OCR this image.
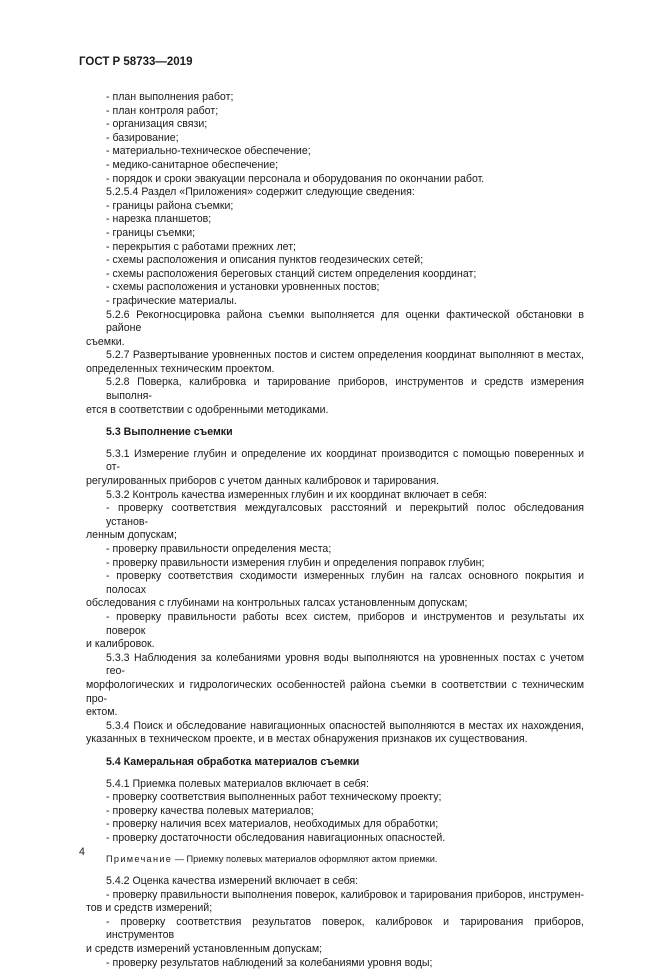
ГОСТ Р 58733—2019
- план выполнения работ;
- план контроля работ;
- организация связи;
- базирование;
- материально-техническое обеспечение;
- медико-санитарное обеспечение;
- порядок и сроки эвакуации персонала и оборудования по окончании работ.
5.2.5.4 Раздел «Приложения» содержит следующие сведения:
- границы района съемки;
- нарезка планшетов;
- границы съемки;
- перекрытия с работами прежних лет;
- схемы расположения и описания пунктов геодезических сетей;
- схемы расположения береговых станций систем определения координат;
- схемы расположения и установки уровненных постов;
- графические материалы.
5.2.6 Рекогносцировка района съемки выполняется для оценки фактической обстановки в районе
съемки.
5.2.7 Развертывание уровненных постов и систем определения координат выполняют в местах,
определенных техническим проектом.
5.2.8 Поверка, калибровка и тарирование приборов, инструментов и средств измерения выполня-
ется в соответствии с одобренными методиками.
5.3 Выполнение съемки
5.3.1 Измерение глубин и определение их координат производится с помощью поверенных и от-
регулированных приборов с учетом данных калибровок и тарирования.
5.3.2 Контроль качества измеренных глубин и их координат включает в себя:
- проверку соответствия междугалсовых расстояний и перекрытий полос обследования установ-
ленным допускам;
- проверку правильности определения места;
- проверку правильности измерения глубин и определения поправок глубин;
- проверку соответствия сходимости измеренных глубин на галсах основного покрытия и полосах
обследования с глубинами на контрольных галсах установленным допускам;
- проверку правильности работы всех систем, приборов и инструментов и результаты их поверок
и калибровок.
5.3.3 Наблюдения за колебаниями уровня воды выполняются на уровненных постах с учетом гео-
морфологических и гидрологических особенностей района съемки в соответствии с техническим про-
ектом.
5.3.4 Поиск и обследование навигационных опасностей выполняются в местах их нахождения,
указанных в техническом проекте, и в местах обнаружения признаков их существования.
5.4 Камеральная обработка материалов съемки
5.4.1 Приемка полевых материалов включает в себя:
- проверку соответствия выполненных работ техническому проекту;
- проверку качества полевых материалов;
- проверку наличия всех материалов, необходимых для обработки;
- проверку достаточности обследования навигационных опасностей.
Примечание — Приемку полевых материалов оформляют актом приемки.
5.4.2 Оценка качества измерений включает в себя:
- проверку правильности выполнения поверок, калибровок и тарирования приборов, инструмен-
тов и средств измерений;
- проверку соответствия результатов поверок, калибровок и тарирования приборов, инструментов
и средств измерений установленным допускам;
- проверку результатов наблюдений за колебаниями уровня воды;
4
